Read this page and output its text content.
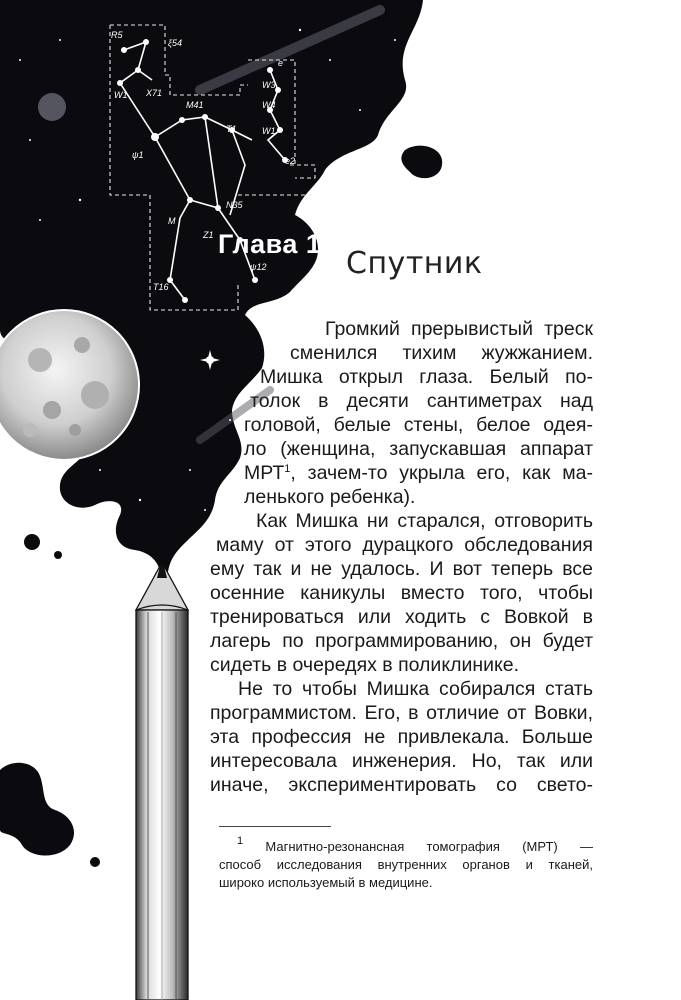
R5
ξ54
W1 X71
M41
e
W3
W4
W1
T1
e2
ψ1
M
N35
Z1
ψ12
T16
Глава 1
Спутник
Громкий прерывистый треск
сменился тихим жужжанием.
Мишка открыл глаза. Белый по-
толок в десяти сантиметрах над
головой, белые стены, белое одея-
ло (женщина, запускавшая аппарат
МРТ$^1$, зачем-то укрыла его, как ма-
ленького ребенка).
Как Мишка ни старался, отговорить
маму от этого дурацкого обследования
ему так и не удалось. И вот теперь все
осенние каникулы вместо того, чтобы
тренироваться или ходить с Вовкой в
лагерь по программированию, он будет
сидеть в очередях в поликлинике.
Не то чтобы Мишка собирался стать
программистом. Его, в отличие от Вовки,
эта профессия не привлекала. Больше
интересовала инженерия. Но, так или
иначе, экспериментировать со свето-
$^1$ Магнитно-резонансная томография (МРТ) —
способ исследования внутренних органов и тканей,
широко используемый в медицине.
